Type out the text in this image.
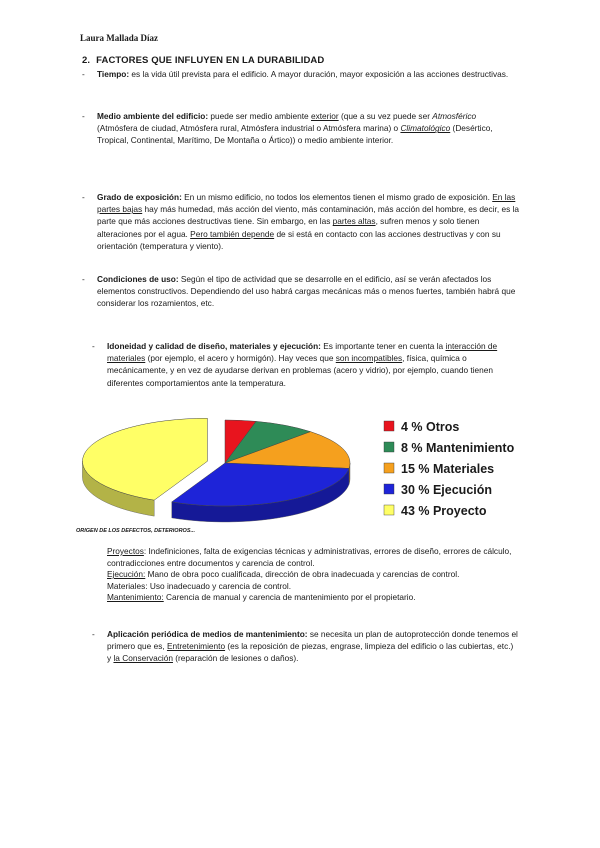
Laura Mallada Díaz
2. FACTORES QUE INFLUYEN EN LA DURABILIDAD
- Tiempo: es la vida útil prevista para el edificio. A mayor duración, mayor exposición a las acciones destructivas.
- Medio ambiente del edificio: puede ser medio ambiente exterior (que a su vez puede ser Atmosférico (Atmósfera de ciudad, Atmósfera rural, Atmósfera industrial o Atmósfera marina) o Climatológico (Desértico, Tropical, Continental, Marítimo, De Montaña o Ártico)) o medio ambiente interior.
- Grado de exposición: En un mismo edificio, no todos los elementos tienen el mismo grado de exposición. En las partes bajas hay más humedad, más acción del viento, más contaminación, más acción del hombre, es decir, es la parte que más acciones destructivas tiene. Sin embargo, en las partes altas, sufren menos y solo tienen alteraciones por el agua. Pero también depende de si está en contacto con las acciones destructivas y con su orientación (temperatura y viento).
- Condiciones de uso: Según el tipo de actividad que se desarrolle en el edificio, así se verán afectados los elementos constructivos. Dependiendo del uso habrá cargas mecánicas más o menos fuertes, también habrá que considerar los rozamientos, etc.
- Idoneidad y calidad de diseño, materiales y ejecución: Es importante tener en cuenta la interacción de materiales (por ejemplo, el acero y hormigón). Hay veces que son incompatibles, física, química o mecánicamente, y en vez de ayudarse derivan en problemas (acero y vidrio), por ejemplo, cuando tienen diferentes comportamientos ante la temperatura.
4 % Otros
8 % Mantenimiento
15 % Materiales
30 % Ejecución
43 % Proyecto
ORIGEN DE LOS DEFECTOS, DETERIOROS...

Proyectos: Indefiniciones, falta de exigencias técnicas y administrativas, errores de diseño, errores de cálculo, contradicciones entre documentos y carencia de control.

Ejecución: Mano de obra poco cualificada, dirección de obra inadecuada y carencias de control.

Materiales: Uso inadecuado y carencia de control.

Mantenimiento: Carencia de manual y carencia de mantenimiento por el propietario.

- Aplicación periódica de medios de mantenimiento: se necesita un plan de autoprotección donde tenemos el primero que es, Entretenimiento (es la reposición de piezas, engrase, limpieza del edificio o las cubiertas, etc.) y la Conservación (reparación de lesiones o daños).
